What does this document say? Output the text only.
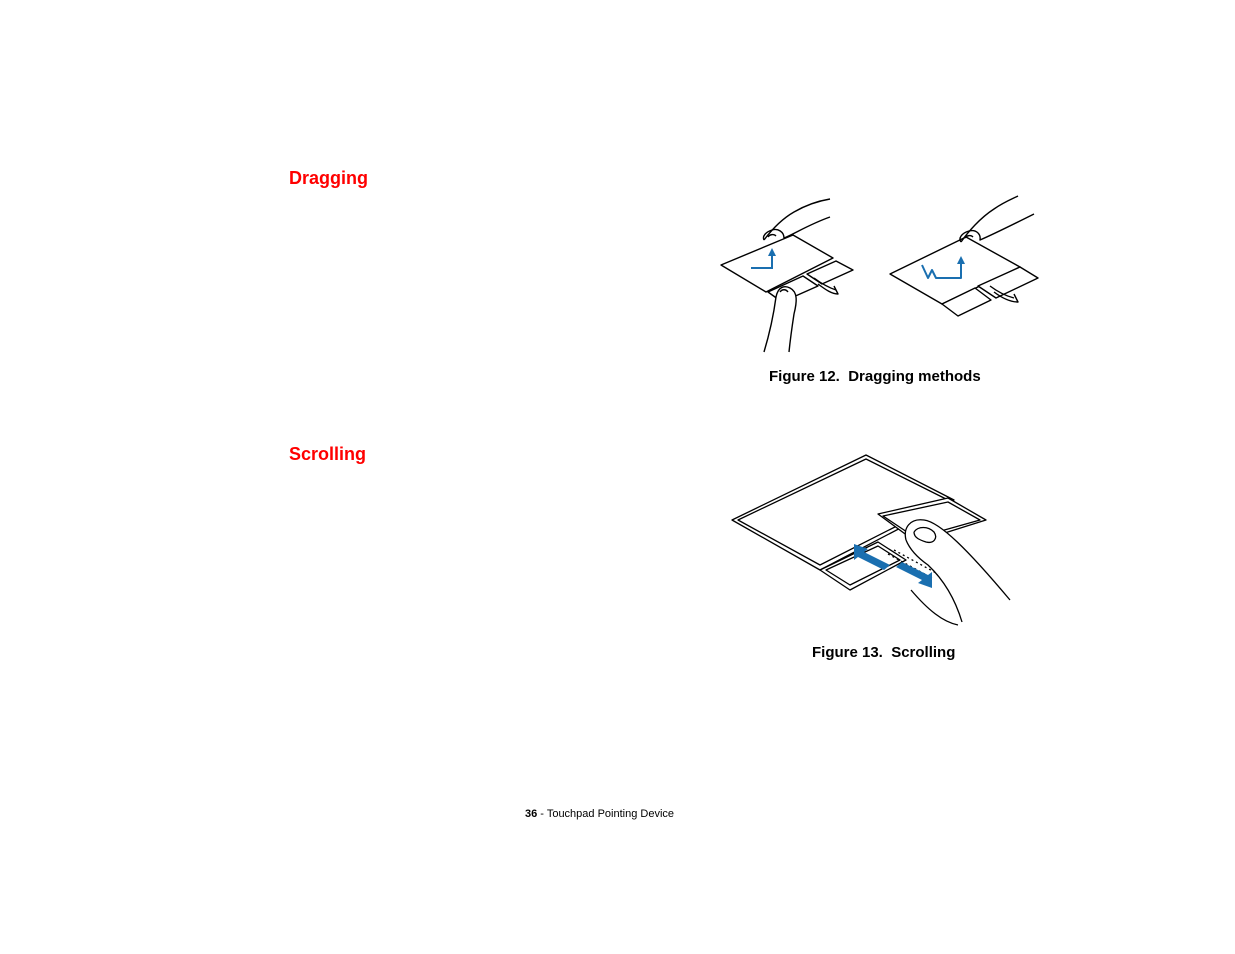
Dragging
Figure 12.  Dragging methods
Scrolling
Figure 13.  Scrolling
36 - Touchpad Pointing Device
